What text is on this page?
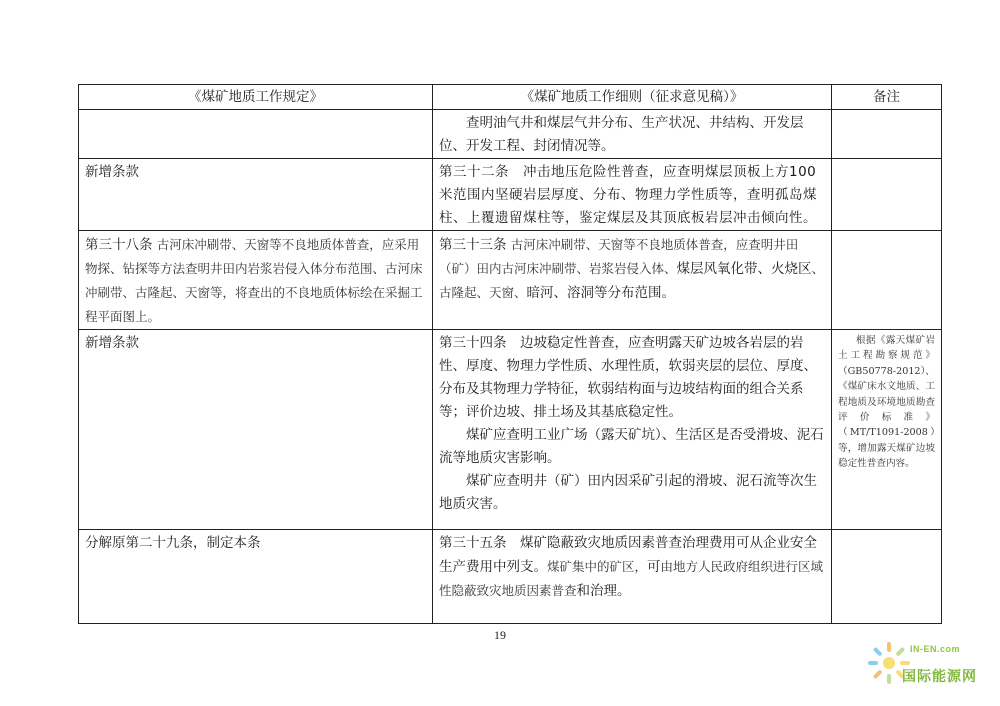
《煤矿地质工作规定》	《煤矿地质工作细则（征求意见稿）》	备注

	查明油气井和煤层气井分布、生产状况、井结构、开发层位、开发工程、封闭情况等。	

新增条款	第三十二条　冲击地压危险性普查，应查明煤层顶板上方100米范围内坚硬岩层厚度、分布、物理力学性质等，查明孤岛煤柱、上覆遗留煤柱等，鉴定煤层及其顶底板岩层冲击倾向性。	

第三十八条 古河床冲刷带、天窗等不良地质体普查，应采用物探、钻探等方法查明井田内岩浆岩侵入体分布范围、古河床冲刷带、古隆起、天窗等，将查出的不良地质体标绘在采掘工程平面图上。	第三十三条 古河床冲刷带、天窗等不良地质体普查，应查明井田（矿）田内古河床冲刷带、岩浆岩侵入体、煤层风氧化带、火烧区、古隆起、天窗、暗河、溶洞等分布范围。	

新增条款	第三十四条　边坡稳定性普查，应查明露天矿边坡各岩层的岩性、厚度、物理力学性质、水理性质，软弱夹层的层位、厚度、分布及其物理力学特征，软弱结构面与边坡结构面的组合关系等；评价边坡、排土场及其基底稳定性。

煤矿应查明工业广场（露天矿坑）、生活区是否受滑坡、泥石流等地质灾害影响。

煤矿应查明井（矿）田内因采矿引起的滑坡、泥石流等次生地质灾害。	根据《露天煤矿岩土工程勘察规范》（GB50778-2012）、《煤矿床水文地质、工程地质及环境地质勘查评价标准》（MT/T1091-2008）等，增加露天煤矿边坡稳定性普查内容。

分解原第二十九条，制定本条	第三十五条　煤矿隐蔽致灾地质因素普查治理费用可从企业安全生产费用中列支。煤矿集中的矿区，可由地方人民政府组织进行区域性隐蔽致灾地质因素普查和治理。	

19
IN-EN.com
国际能源网
